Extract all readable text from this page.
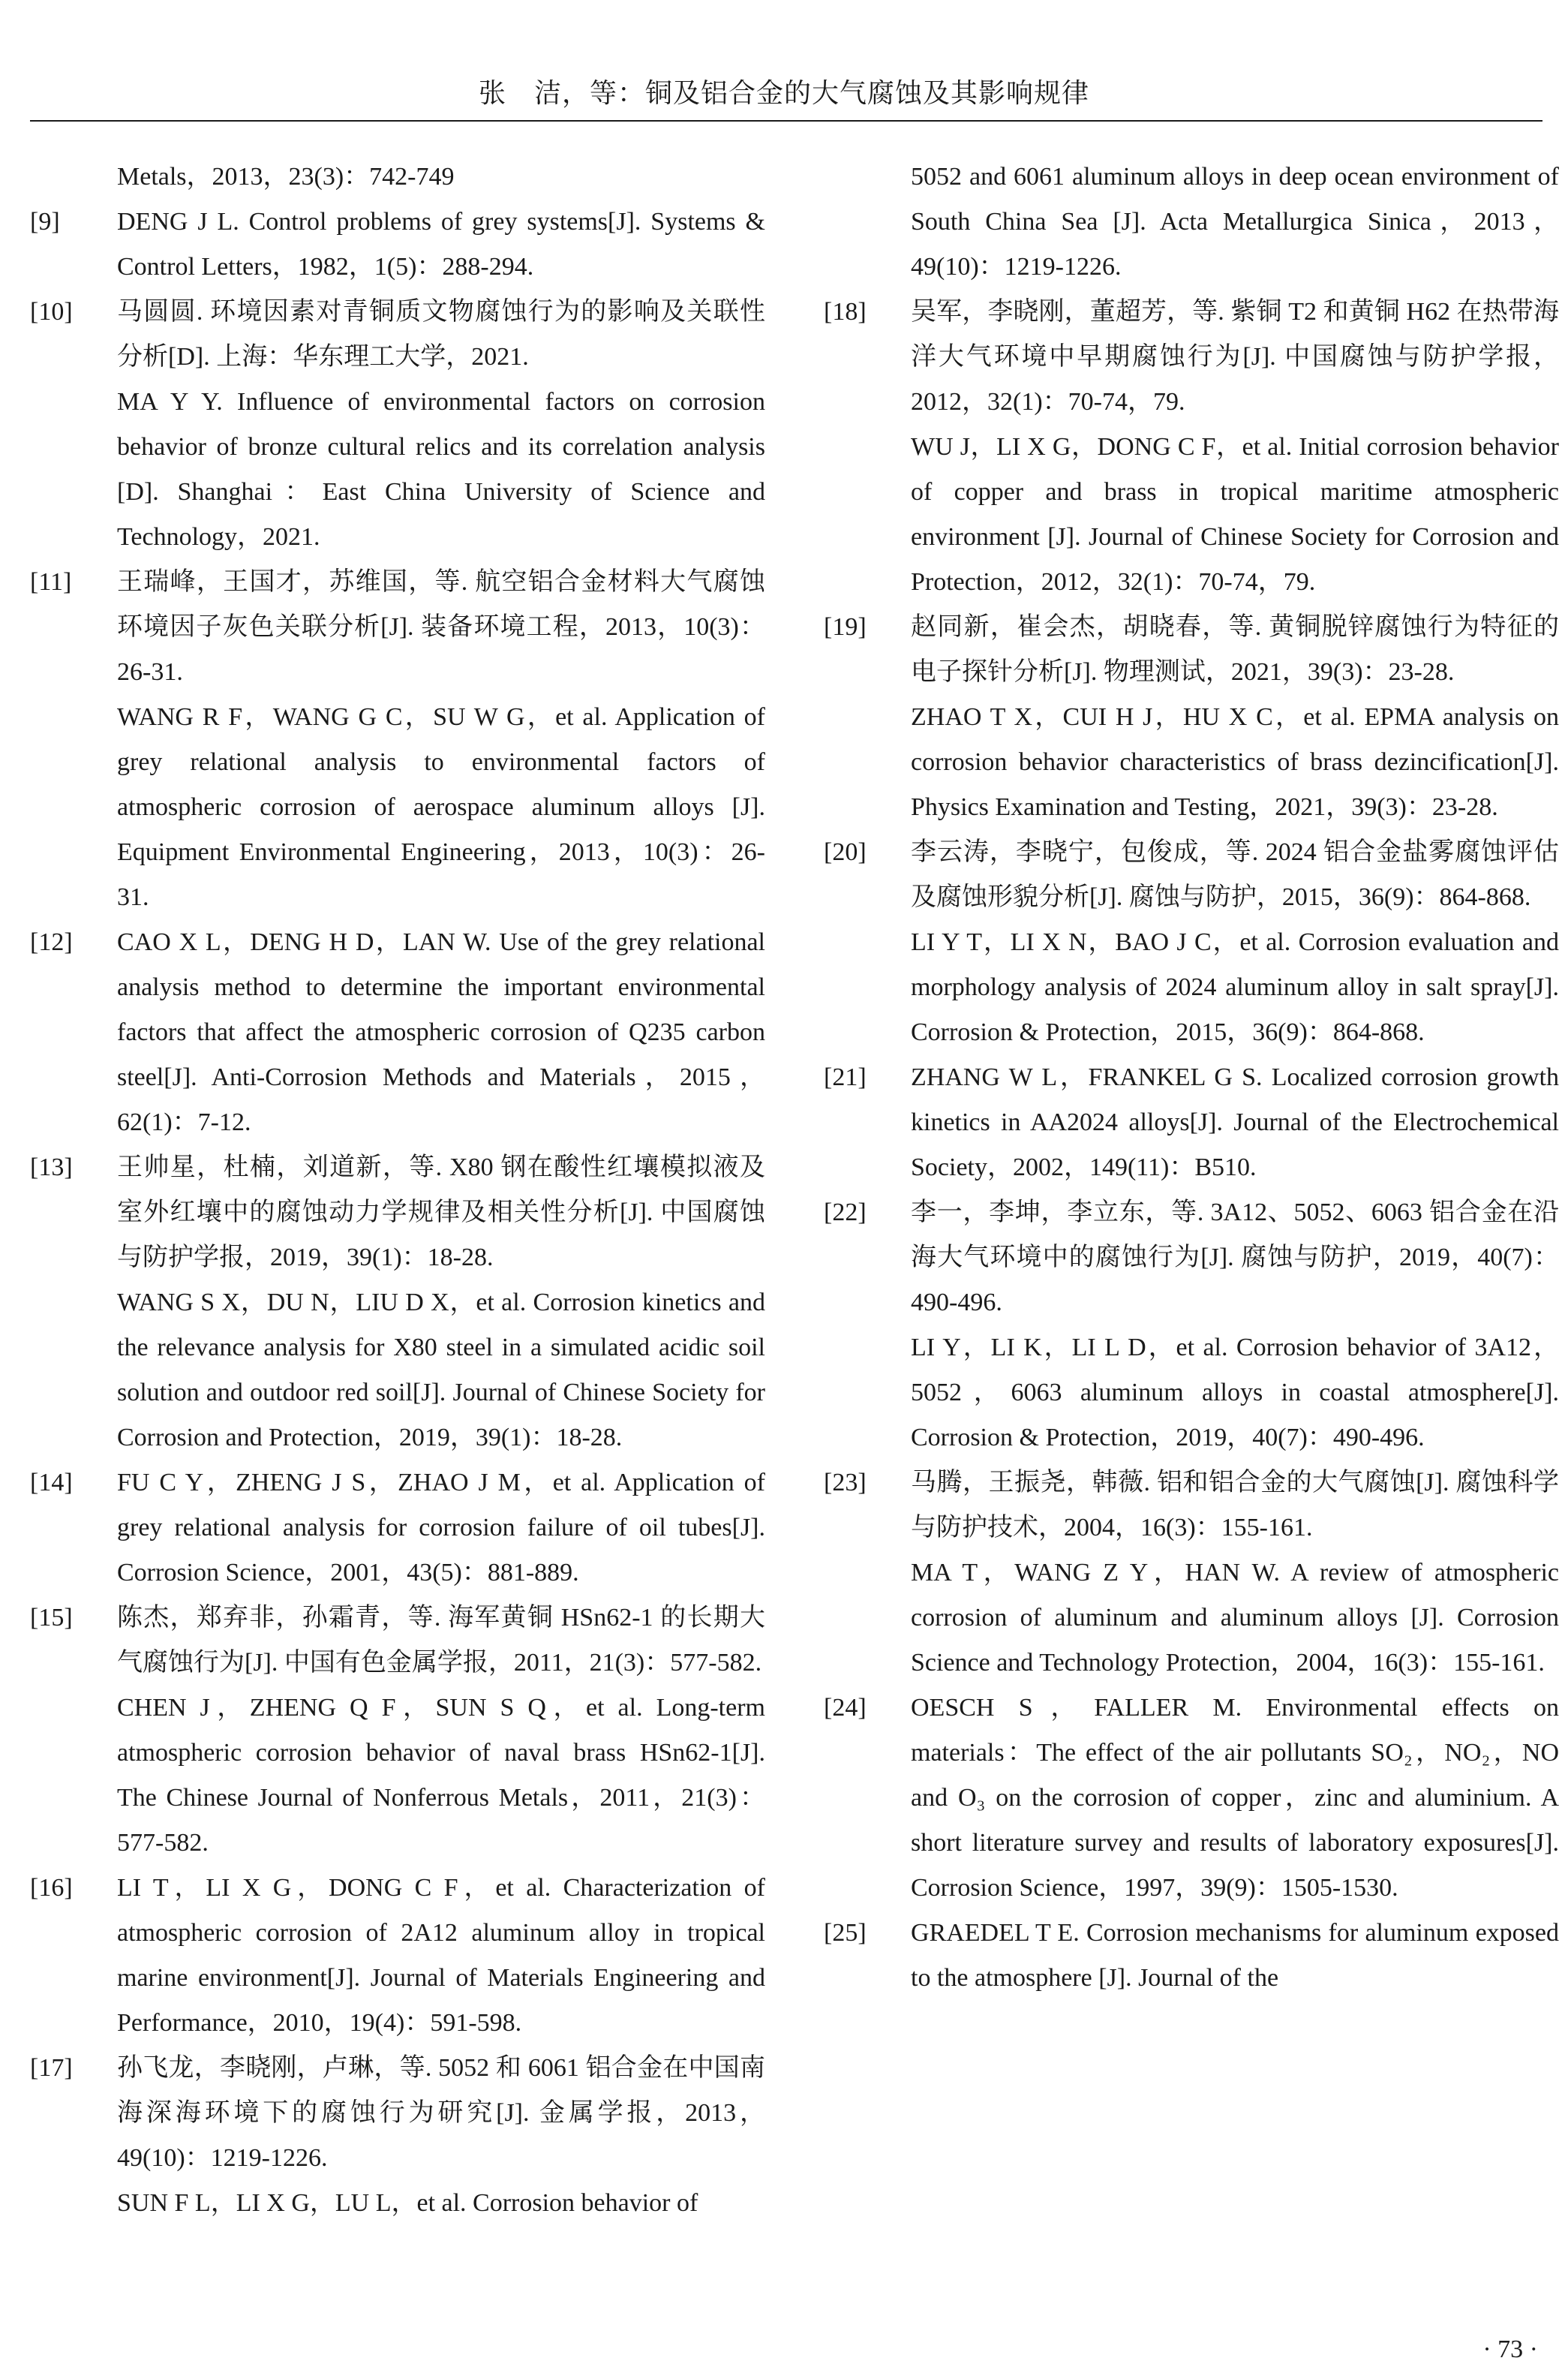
张　洁，等：铜及铝合金的大气腐蚀及其影响规律
Metals，2013，23(3)：742-749
[9] DENG J L. Control problems of grey systems[J]. Systems & Control Letters，1982，1(5)：288-294.
[10] 马圆圆. 环境因素对青铜质文物腐蚀行为的影响及关联性分析[D]. 上海：华东理工大学，2021.
MA Y Y. Influence of environmental factors on corrosion behavior of bronze cultural relics and its correlation analysis [D]. Shanghai：East China University of Science and Technology，2021.
[11] 王瑞峰，王国才，苏维国，等. 航空铝合金材料大气腐蚀环境因子灰色关联分析[J]. 装备环境工程，2013，10(3)：26-31.
WANG R F，WANG G C，SU W G，et al. Application of grey relational analysis to environmental factors of atmospheric corrosion of aerospace aluminum alloys [J]. Equipment Environmental Engineering，2013，10(3)：26-31.
[12] CAO X L，DENG H D，LAN W. Use of the grey relational analysis method to determine the important environmental factors that affect the atmospheric corrosion of Q235 carbon steel[J]. Anti-Corrosion Methods and Materials，2015，62(1)：7-12.
[13] 王帅星，杜楠，刘道新，等. X80 钢在酸性红壤模拟液及室外红壤中的腐蚀动力学规律及相关性分析[J]. 中国腐蚀与防护学报，2019，39(1)：18-28.
WANG S X，DU N，LIU D X，et al. Corrosion kinetics and the relevance analysis for X80 steel in a simulated acidic soil solution and outdoor red soil[J]. Journal of Chinese Society for Corrosion and Protection，2019，39(1)：18-28.
[14] FU C Y，ZHENG J S，ZHAO J M，et al. Application of grey relational analysis for corrosion failure of oil tubes[J]. Corrosion Science，2001，43(5)：881-889.
[15] 陈杰，郑弃非，孙霜青，等. 海军黄铜 HSn62-1 的长期大气腐蚀行为[J]. 中国有色金属学报，2011，21(3)：577-582.
CHEN J，ZHENG Q F，SUN S Q，et al. Long-term atmospheric corrosion behavior of naval brass HSn62-1[J]. The Chinese Journal of Nonferrous Metals，2011，21(3)：577-582.
[16] LI T，LI X G，DONG C F，et al. Characterization of atmospheric corrosion of 2A12 aluminum alloy in tropical marine environment[J]. Journal of Materials Engineering and Performance，2010，19(4)：591-598.
[17] 孙飞龙，李晓刚，卢琳，等. 5052 和 6061 铝合金在中国南海深海环境下的腐蚀行为研究[J]. 金属学报，2013，49(10)：1219-1226.
SUN F L，LI X G，LU L，et al. Corrosion behavior of
5052 and 6061 aluminum alloys in deep ocean environment of South China Sea [J]. Acta Metallurgica Sinica，2013，49(10)：1219-1226.
[18] 吴军，李晓刚，董超芳，等. 紫铜 T2 和黄铜 H62 在热带海洋大气环境中早期腐蚀行为[J]. 中国腐蚀与防护学报，2012，32(1)：70-74，79.
WU J，LI X G，DONG C F，et al. Initial corrosion behavior of copper and brass in tropical maritime atmospheric environment [J]. Journal of Chinese Society for Corrosion and Protection，2012，32(1)：70-74，79.
[19] 赵同新，崔会杰，胡晓春，等. 黄铜脱锌腐蚀行为特征的电子探针分析[J]. 物理测试，2021，39(3)：23-28.
ZHAO T X，CUI H J，HU X C，et al. EPMA analysis on corrosion behavior characteristics of brass dezincification[J]. Physics Examination and Testing，2021，39(3)：23-28.
[20] 李云涛，李晓宁，包俊成，等. 2024 铝合金盐雾腐蚀评估及腐蚀形貌分析[J]. 腐蚀与防护，2015，36(9)：864-868.
LI Y T，LI X N，BAO J C，et al. Corrosion evaluation and morphology analysis of 2024 aluminum alloy in salt spray[J]. Corrosion & Protection，2015，36(9)：864-868.
[21] ZHANG W L，FRANKEL G S. Localized corrosion growth kinetics in AA2024 alloys[J]. Journal of the Electrochemical Society，2002，149(11)：B510.
[22] 李一，李坤，李立东，等. 3A12、5052、6063 铝合金在沿海大气环境中的腐蚀行为[J]. 腐蚀与防护，2019，40(7)：490-496.
LI Y，LI K，LI L D，et al. Corrosion behavior of 3A12，5052，6063 aluminum alloys in coastal atmosphere[J]. Corrosion & Protection，2019，40(7)：490-496.
[23] 马腾，王振尧，韩薇. 铝和铝合金的大气腐蚀[J]. 腐蚀科学与防护技术，2004，16(3)：155-161.
MA T，WANG Z Y，HAN W. A review of atmospheric corrosion of aluminum and aluminum alloys [J]. Corrosion Science and Technology Protection，2004，16(3)：155-161.
[24] OESCH S，FALLER M. Environmental effects on materials：The effect of the air pollutants SO₂，NO₂，NO and O₃ on the corrosion of copper，zinc and aluminium. A short literature survey and results of laboratory exposures[J]. Corrosion Science，1997，39(9)：1505-1530.
[25] GRAEDEL T E. Corrosion mechanisms for aluminum exposed to the atmosphere [J]. Journal of the
· 73 ·
